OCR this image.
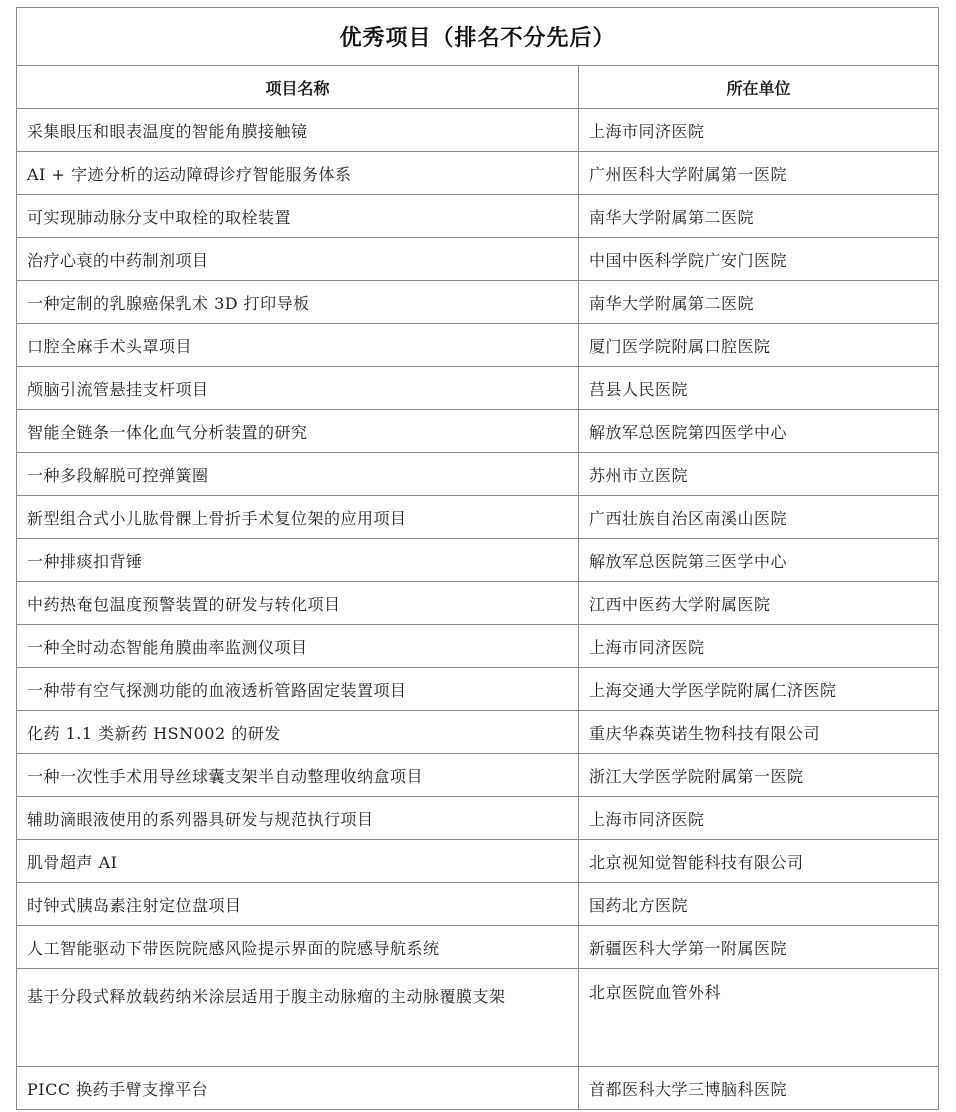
优秀项目（排名不分先后）	
项目名称	所在单位
采集眼压和眼表温度的智能角膜接触镜	上海市同济医院
AI + 字迹分析的运动障碍诊疗智能服务体系	广州医科大学附属第一医院
可实现肺动脉分支中取栓的取栓装置	南华大学附属第二医院
治疗心衰的中药制剂项目	中国中医科学院广安门医院
一种定制的乳腺癌保乳术 3D 打印导板	南华大学附属第二医院
口腔全麻手术头罩项目	厦门医学院附属口腔医院
颅脑引流管悬挂支杆项目	莒县人民医院
智能全链条一体化血气分析装置的研究	解放军总医院第四医学中心
一种多段解脱可控弹簧圈	苏州市立医院
新型组合式小儿肱骨髁上骨折手术复位架的应用项目	广西壮族自治区南溪山医院
一种排痰扣背锤	解放军总医院第三医学中心
中药热奄包温度预警装置的研发与转化项目	江西中医药大学附属医院
一种全时动态智能角膜曲率监测仪项目	上海市同济医院
一种带有空气探测功能的血液透析管路固定装置项目	上海交通大学医学院附属仁济医院
化药 1.1 类新药 HSN002 的研发	重庆华森英诺生物科技有限公司
一种一次性手术用导丝球囊支架半自动整理收纳盒项目	浙江大学医学院附属第一医院
辅助滴眼液使用的系列器具研发与规范执行项目	上海市同济医院
肌骨超声 AI	北京视知觉智能科技有限公司
时钟式胰岛素注射定位盘项目	国药北方医院
人工智能驱动下带医院院感风险提示界面的院感导航系统	新疆医科大学第一附属医院
基于分段式释放载药纳米涂层适用于腹主动脉瘤的主动脉覆膜支架	北京医院血管外科
PICC 换药手臂支撑平台	首都医科大学三博脑科医院
